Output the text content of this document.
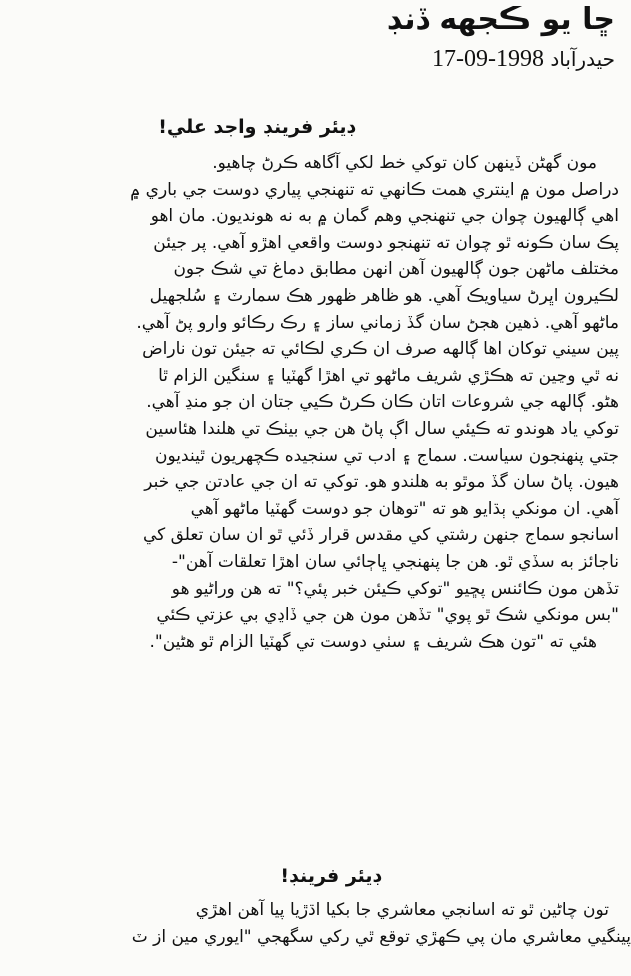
ڇا يو ڪجھه ڏنڊ
حيدرآباد 17-09-1998
ڊيئر فرينڊ واجد علي!
مون گھڻن ڏينهن کان توکي خط لکي آگاهه ڪرڻ چاهيو.
دراصل مون ۾ اينتري همت ڪانهي ته تنهنجي پياري دوست جي باري ۾
اهي ڳالهيون چوان جي تنهنجي وهم گمان ۾ به نه هونديون. مان اهو
پڪ سان ڪونه ٿو چوان ته تنهنجو دوست واقعي اهڙو آهي. پر جيئن
مختلف ماڻهن جون ڳالهيون آهن انهن مطابق دماغ تي شڪ جون
لڪيرون اڀرڻ سياويڪ آهي. هو ظاهر ظهور هڪ سمارٽ ۽ سُلجهيل
ماڻهو آهي. ذهين هجڻ سان گڏ زماني ساز ۽ رڪ رڪائو وارو پڻ آهي.
پين سيني توکان اها ڳالهه صرف ان ڪري لڪائي ته جيئن تون ناراض
نه ٿي وڃين ته هڪڙي شريف ماڻهو تي اهڙا گهٽيا ۽ سنگين الزام ٿا
هڻو. ڳالهه جي شروعات اتان ڪان ڪرڻ ڪيي جتان ان جو منڍ آهي.
توکي ياد هوندو ته ڪيئي سال اڳ پاڻ هن جي بيٺڪ تي هلندا هئاسين
جتي پنهنجون سياست. سماج ۽ ادب تي سنجيده ڪچهريون ٿينديون
هيون. پاڻ سان گڏ موٿو به هلندو هو. توکي ته ان جي عادتن جي خبر
آهي. ان مونکي ٻڌايو هو ته "توهان جو دوست گهٽيا ماڻهو آهي
اسانجو سماج جنهن رشتي کي مقدس قرار ڏئي ٿو ان سان تعلق کي
ناجائز به سڏي ٿو. هن جا پنهنجي ڀاڄائي سان اهڙا تعلقات آهن"-
تڏهن مون ڪائنس پڇيو "توکي ڪيئن خبر پئي؟" ته هن وراڻيو هو
"بس مونکي شڪ ٿو پوي" تڏهن مون هن جي ڏاڍي بي عزتي ڪئي
هئي ته "تون هڪ شريف ۽ سٺي دوست تي گهٽيا الزام ٿو هڻين".
ڊيئر فرينڊ!
تون چاڻين ٿو ته اسانجي معاشري جا بکيا اڌڙيا پيا آهن اهڙي
پينگيي معاشري مان پي ڪهڙي توقع ٿي رکي سگهجي "ايوري مين از ٽ
